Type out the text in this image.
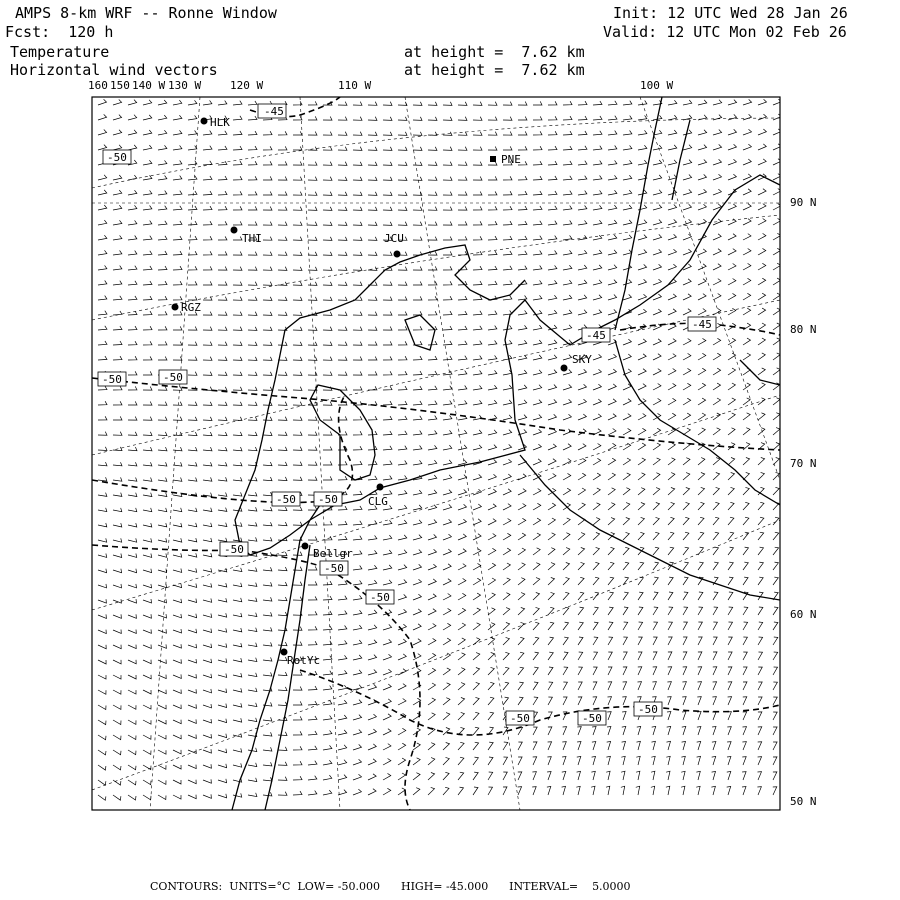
AMPS 8-km WRF -- Ronne Window
Fcst:  120 h
Temperature
Horizontal wind vectors
Init: 12 UTC Wed 28 Jan 26
Valid: 12 UTC Mon 02 Feb 26
at height =  7.62 km
at height =  7.62 km
160 150 140 W 130 W	120 W	110 W	100 W
90 N
80 N
70 N
60 N
50 N
-45
-50
-50	-50
-50 -50
-50
-50
-50
-50	-50
-50
-45
-45
HLK
PNE
THI	JCU
RGZ
SKY
CLG
Bellgr
RotYc
CONTOURS:  UNITS=°C  LOW= -50.000      HIGH= -45.000      INTERVAL=    5.0000
